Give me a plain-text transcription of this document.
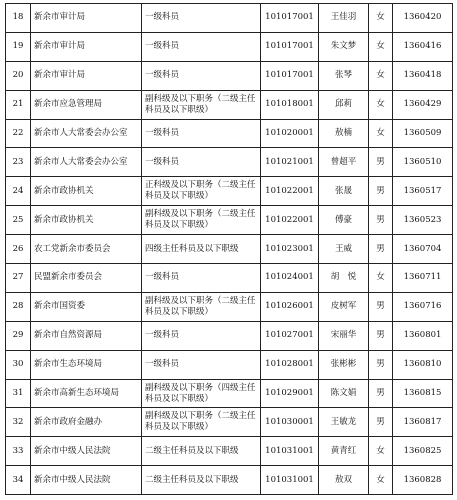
18	新余市审计局	一级科员	101017001	王佳羽	女	1360420
19	新余市审计局	一级科员	101017001	朱文梦	女	1360416
20	新余市审计局	一级科员	101017001	张琴	女	1360418
21	新余市应急管理局	副科级及以下职务（二级主任科员及以下职级）	101018001	邱莉	女	1360429
22	新余市人大常委会办公室	一级科员	101020001	敖楠	女	1360509
23	新余市人大常委会办公室	一级科员	101021001	曾超平	男	1360510
24	新余市政协机关	正科级及以下职务（二级主任科员及以下职级）	101022001	张晟	男	1360517
25	新余市政协机关	副科级及以下职务（二级主任科员及以下职级）	101022001	傅豪	男	1360523
26	农工党新余市委员会	四级主任科员及以下职级	101023001	王威	男	1360704
27	民盟新余市委员会	一级科员	101024001	胡　悦	女	1360711
28	新余市国资委	副科级及以下职务（二级主任科员及以下职级）	101026001	皮树军	男	1360716
29	新余市自然资源局	一级科员	101027001	宋丽华	男	1360801
30	新余市生态环境局	一级科员	101028001	张彬彬	男	1360810
31	新余市高新生态环境局	副科级及以下职务（四级主任科员及以下职级）	101029001	陈文娟	男	1360815
32	新余市政府金融办	副科级及以下职务（二级主任科员及以下职级）	101030001	王敏龙	男	1360817
33	新余市中级人民法院	二级主任科员及以下职级	101031001	黄青红	女	1360825
34	新余市中级人民法院	二级主任科员及以下职级	101031001	敖双	女	1360828
